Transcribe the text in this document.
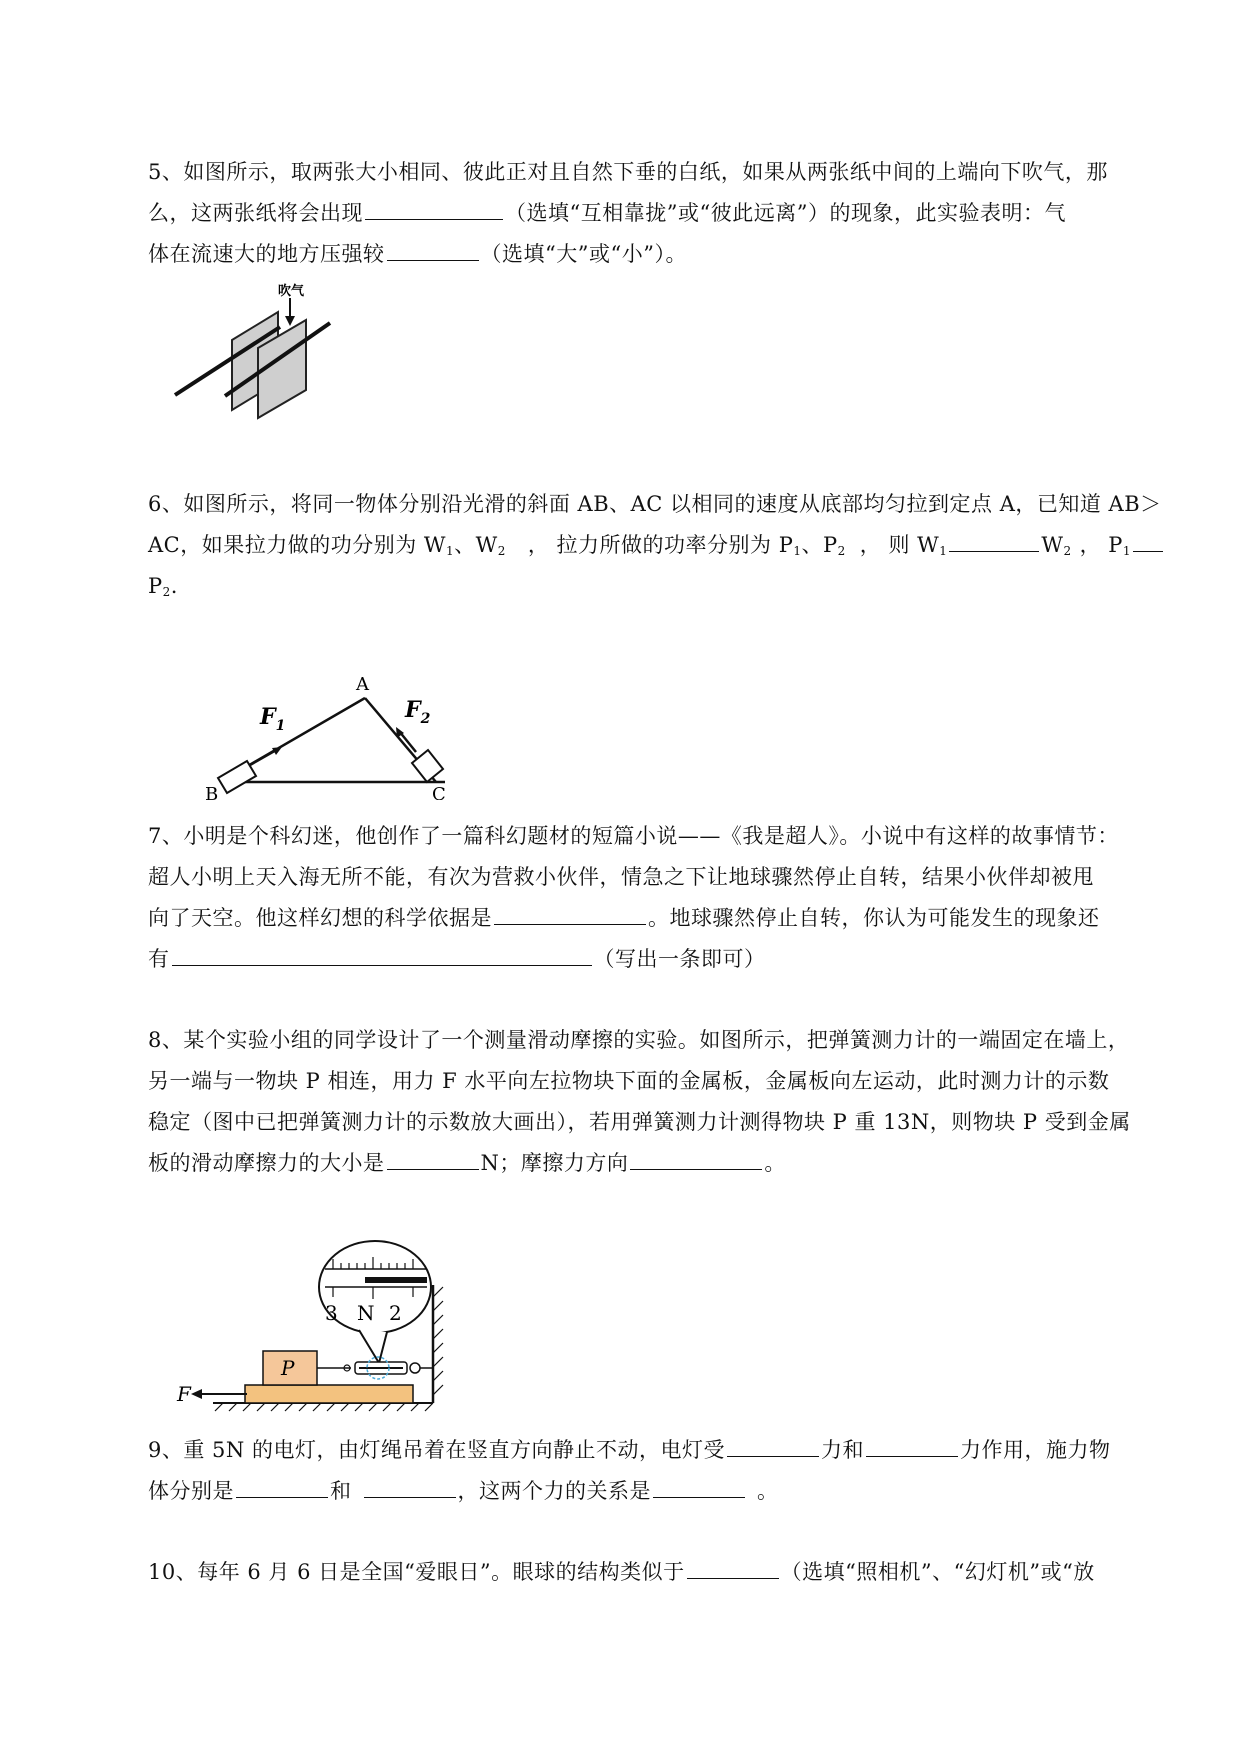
5、如图所示，取两张大小相同、彼此正对且自然下垂的白纸，如果从两张纸中间的上端向下吹气，那
么，这两张纸将会出现	（选填“互相靠拢”或“彼此远离”）的现象，此实验表明：气
体在流速大的地方压强较	（选填“大”或“小”）。
吹气
6、如图所示，将同一物体分别沿光滑的斜面 AB、AC 以相同的速度从底部均匀拉到定点 A，已知道 AB＞
AC，如果拉力做的功分别为 $W_1$、$W_2$ ， 拉力所做的功率分别为 $P_1$、$P_2$ ， 则 $W_1$	$W_2$ ， $P_1$
$P_2$.
$F_1$
$F_2$
A
B	C
7、小明是个科幻迷，他创作了一篇科幻题材的短篇小说——《我是超人》。小说中有这样的故事情节：
超人小明上天入海无所不能，有次为营救小伙伴，情急之下让地球骤然停止自转，结果小伙伴却被甩
向了天空。他这样幻想的科学依据是	。地球骤然停止自转，你认为可能发生的现象还
有	（写出一条即可）
8、某个实验小组的同学设计了一个测量滑动摩擦的实验。如图所示，把弹簧测力计的一端固定在墙上，
另一端与一物块 P 相连，用力 F 水平向左拉物块下面的金属板，金属板向左运动，此时测力计的示数
稳定（图中已把弹簧测力计的示数放大画出），若用弹簧测力计测得物块 P 重 13N，则物块 P 受到金属
板的滑动摩擦力的大小是	N；摩擦力方向	。
3 N 2
P
F
9、重 5N 的电灯，由灯绳吊着在竖直方向静止不动，电灯受	力和	力作用，施力物
体分别是	和	，这两个力的关系是	。
10、每年 6 月 6 日是全国“爱眼日”。眼球的结构类似于	（选填“照相机”、“幻灯机”或“放
